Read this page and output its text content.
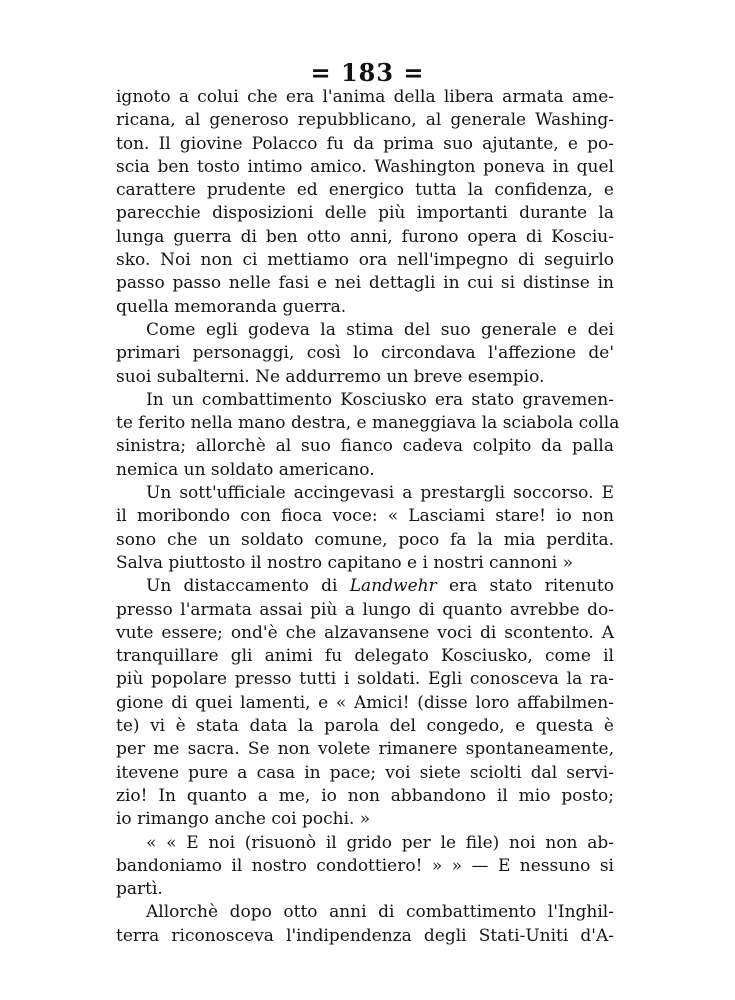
= 183 =
ignoto a colui che era l'anima della libera armata ame-
ricana, al generoso repubblicano, al generale Washing-
ton. Il giovine Polacco fu da prima suo ajutante, e po-
scia ben tosto intimo amico. Washington poneva in quel
carattere prudente ed energico tutta la confidenza, e
parecchie disposizioni delle più importanti durante la
lunga guerra di ben otto anni, furono opera di Kosciu-
sko. Noi non ci mettiamo ora nell'impegno di seguirlo
passo passo nelle fasi e nei dettagli in cui si distinse in
quella memoranda guerra.
Come egli godeva la stima del suo generale e dei
primari personaggi, così lo circondava l'affezione de'
suoi subalterni. Ne addurremo un breve esempio.
In un combattimento Kosciusko era stato gravemen-
te ferito nella mano destra, e maneggiava la sciabola colla
sinistra; allorchè al suo fianco cadeva colpito da palla
nemica un soldato americano.
Un sott'ufficiale accingevasi a prestargli soccorso. E
il moribondo con fioca voce: « Lasciami stare! io non
sono che un soldato comune, poco fa la mia perdita.
Salva piuttosto il nostro capitano e i nostri cannoni »
Un distaccamento di Landwehr era stato ritenuto
presso l'armata assai più a lungo di quanto avrebbe do-
vute essere; ond'è che alzavansene voci di scontento. A
tranquillare gli animi fu delegato Kosciusko, come il
più popolare presso tutti i soldati. Egli conosceva la ra-
gione di quei lamenti, e « Amici! (disse loro affabilmen-
te) vi è stata data la parola del congedo, e questa è
per me sacra. Se non volete rimanere spontaneamente,
itevene pure a casa in pace; voi siete sciolti dal servi-
zio! In quanto a me, io non abbandono il mio posto;
io rimango anche coi pochi. »
« « E noi (risuonò il grido per le file) noi non ab-
bandoniamo il nostro condottiero! » » — E nessuno si
partì.
Allorchè dopo otto anni di combattimento l'Inghil-
terra riconosceva l'indipendenza degli Stati-Uniti d'A-
